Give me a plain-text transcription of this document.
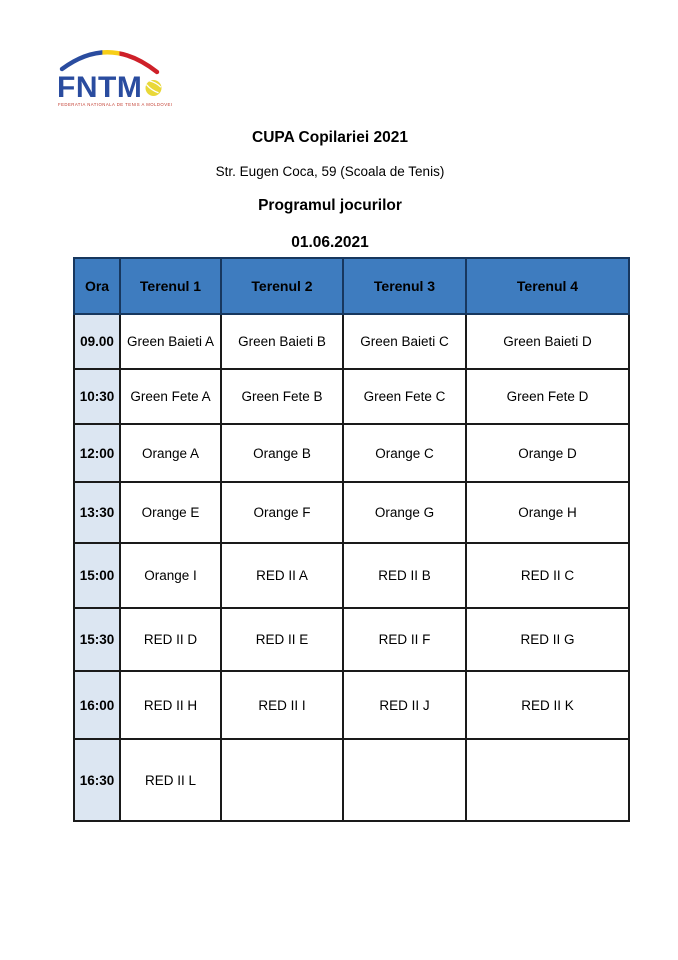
FNTM
FEDERATIA NATIONALA DE TENIS A MOLDOVEI
CUPA Copilariei 2021
Str. Eugen Coca, 59 (Scoala de Tenis)
Programul jocurilor
01.06.2021
Ora	Terenul 1	Terenul 2	Terenul 3	Terenul 4
09.00	Green Baieti A	Green Baieti B	Green Baieti C	Green Baieti D
10:30	Green Fete A	Green Fete B	Green Fete C	Green Fete D
12:00	Orange A	Orange B	Orange C	Orange D
13:30	Orange E	Orange F	Orange G	Orange H
15:00	Orange I	RED II A	RED II B	RED II C
15:30	RED II D	RED II E	RED II F	RED II G
16:00	RED II H	RED II I	RED II J	RED II K
16:30	RED II L			
